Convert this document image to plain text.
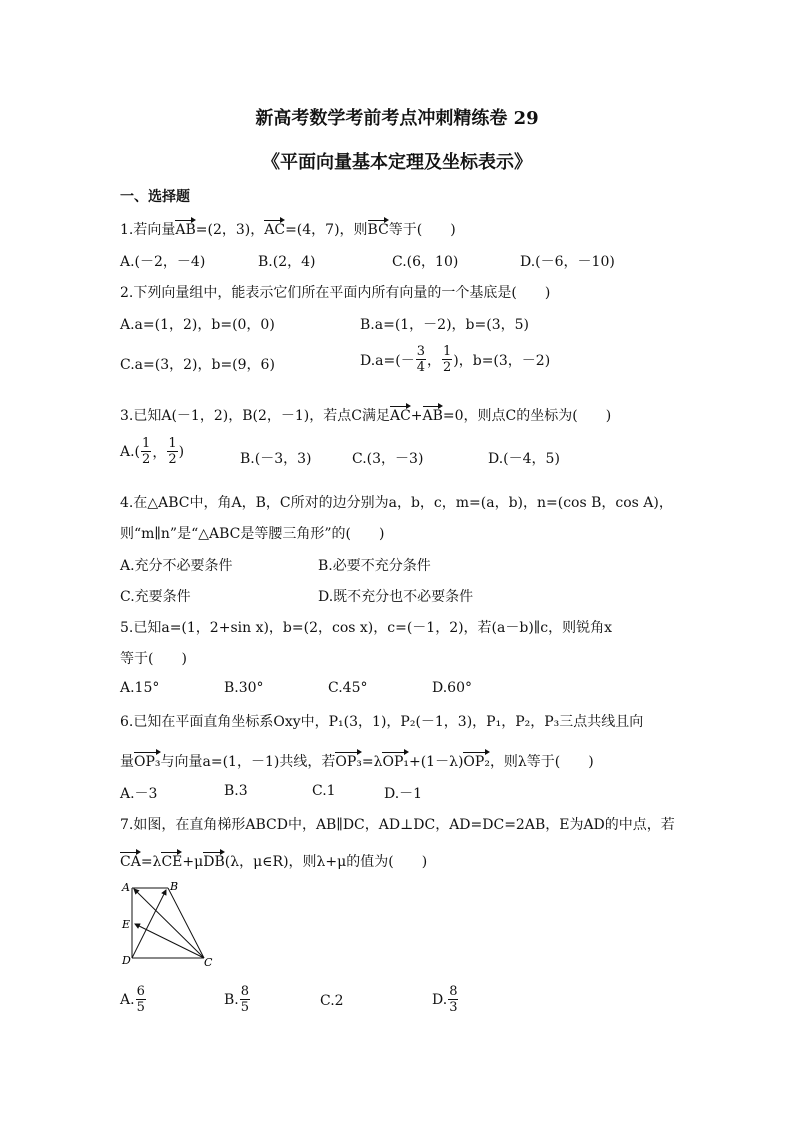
新高考数学考前考点冲刺精练卷 29
《平面向量基本定理及坐标表示》
一、选择题
1.若向量AB=(2，3)，AC=(4，7)，则BC等于(　　)
A.(－2，－4)	B.(2，4)	C.(6，10)	D.(－6，－10)
2.下列向量组中，能表示它们所在平面内所有向量的一个基底是(　　)
A.a=(1，2)，b=(0，0)	B.a=(1，－2)，b=(3，5)
C.a=(3，2)，b=(9，6)	$D.a=(- \frac{3}{4}$ ， $\frac{1}{2}$ )，b=(3，－2)
3.已知A(－1，2)，B(2，－1)，若点C满足AC+AB=0，则点C的坐标为(　　)
$A.( \frac{1}{2}$ ， $\frac{1}{2}$ )	B.(－3，3)	C.(3，－3)	D.(－4，5)
4.在△ABC中，角A，B，C所对的边分别为a，b，c，m=(a，b)，n=(cos B，cos A)，
则“m∥n”是“△ABC是等腰三角形”的(　　)
A.充分不必要条件	B.必要不充分条件
C.充要条件	D.既不充分也不必要条件
5.已知a=(1，2+sin x)，b=(2，cos x)，c=(－1，2)，若(a－b)∥c，则锐角x
等于(　　)
A.15°	B.30°	C.45°	D.60°
6.已知在平面直角坐标系Oxy中，P₁(3，1)，P₂(－1，3)，P₁，P₂，P₃三点共线且向
量OP₃与向量a=(1，－1)共线，若OP₃=λOP₁+(1－λ)OP₂，则λ等于(　　)
A.－3	B.3	C.1	D.－1
7.如图，在直角梯形ABCD中，AB∥DC，AD⊥DC，AD=DC=2AB，E为AD的中点，若
CA=λCE+μDB(λ，μ∈R)，则λ+μ的值为(　　)
A	B
E
D	C
A. $\frac{6}{5}$	B. $\frac{8}{5}$	C.2	D. $\frac{8}{3}$
